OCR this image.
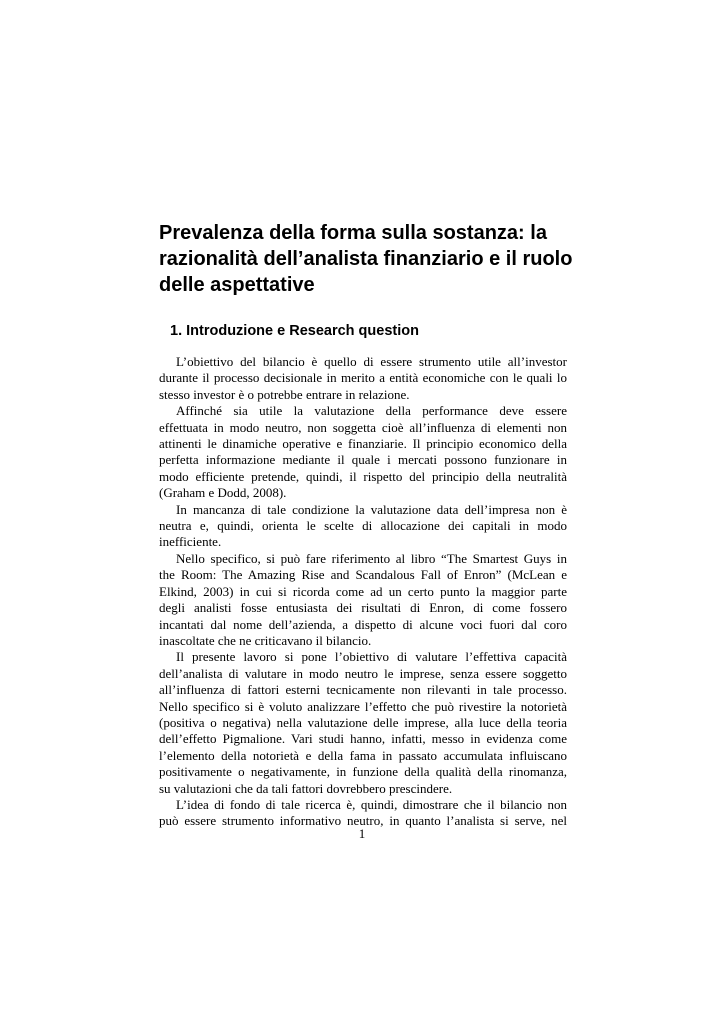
Prevalenza della forma sulla sostanza: la
razionalità dell’analista finanziario e il ruolo
delle aspettative
1. Introduzione e Research question

L’obiettivo del bilancio è quello di essere strumento utile all’investor
durante il processo decisionale in merito a entità economiche con le quali lo
stesso investor è o potrebbe entrare in relazione.

Affinché sia utile la valutazione della performance deve essere
effettuata in modo neutro, non soggetta cioè all’influenza di elementi non
attinenti le dinamiche operative e finanziarie. Il principio economico della
perfetta informazione mediante il quale i mercati possono funzionare in
modo efficiente pretende, quindi, il rispetto del principio della neutralità
(Graham e Dodd, 2008).

In mancanza di tale condizione la valutazione data dell’impresa non è
neutra e, quindi, orienta le scelte di allocazione dei capitali in modo
inefficiente.

Nello specifico, si può fare riferimento al libro “The Smartest Guys in
the Room: The Amazing Rise and Scandalous Fall of Enron” (McLean e
Elkind, 2003) in cui si ricorda come ad un certo punto la maggior parte
degli analisti fosse entusiasta dei risultati di Enron, di come fossero
incantati dal nome dell’azienda, a dispetto di alcune voci fuori dal coro
inascoltate che ne criticavano il bilancio.

Il presente lavoro si pone l’obiettivo di valutare l’effettiva capacità
dell’analista di valutare in modo neutro le imprese, senza essere soggetto
all’influenza di fattori esterni tecnicamente non rilevanti in tale processo.
Nello specifico si è voluto analizzare l’effetto che può rivestire la notorietà
(positiva o negativa) nella valutazione delle imprese, alla luce della teoria
dell’effetto Pigmalione. Vari studi hanno, infatti, messo in evidenza come
l’elemento della notorietà e della fama in passato accumulata influiscano
positivamente o negativamente, in funzione della qualità della rinomanza,
su valutazioni che da tali fattori dovrebbero prescindere.

L’idea di fondo di tale ricerca è, quindi, dimostrare che il bilancio non
può essere strumento informativo neutro, in quanto l’analista si serve, nel

1
